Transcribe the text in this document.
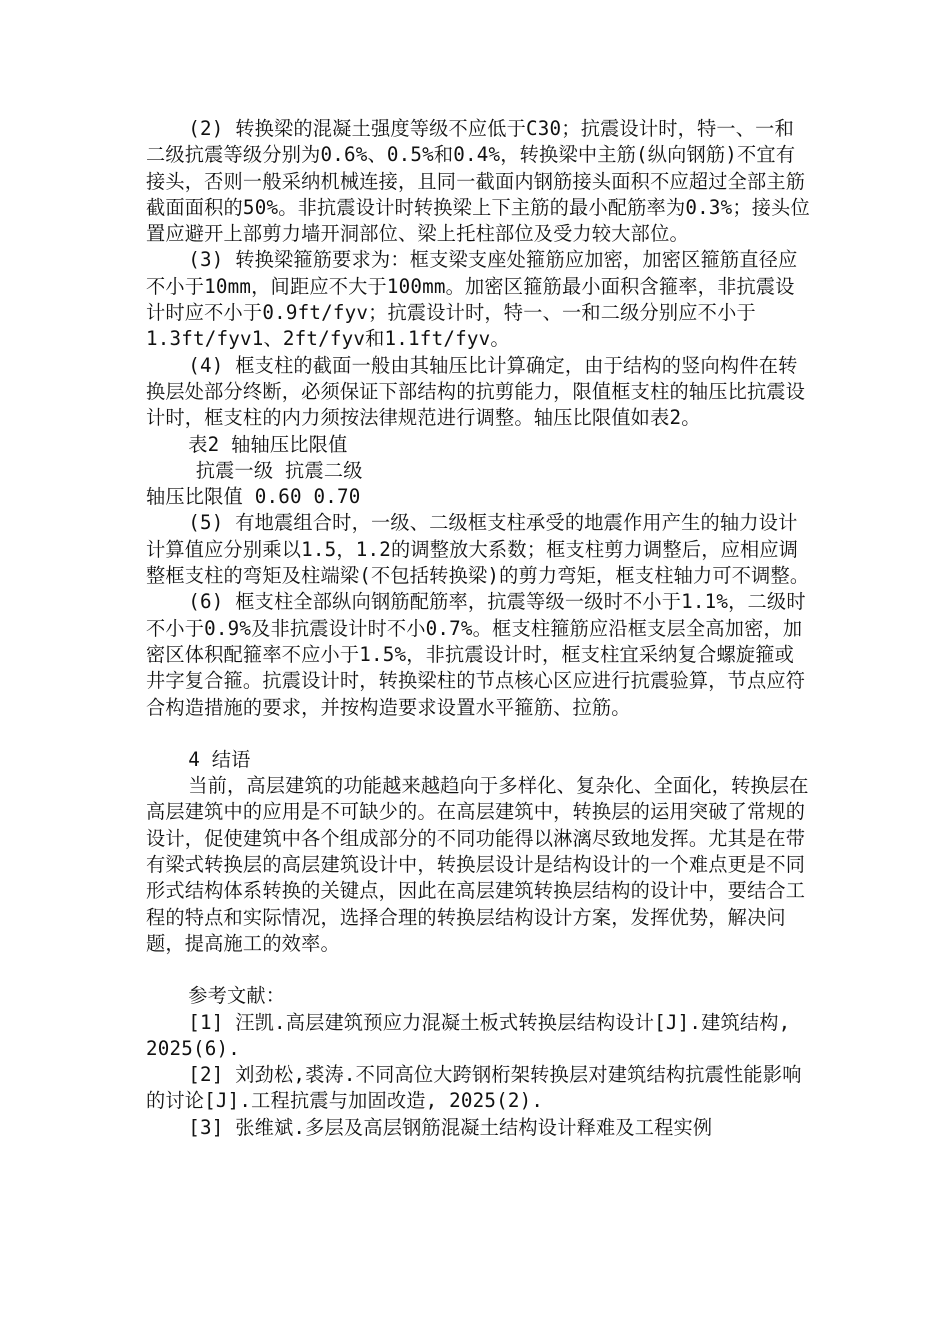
(2) 转换梁的混凝土强度等级不应低于C30；抗震设计时，特一、一和二级抗震等级分别为0.6%、0.5%和0.4%，转换梁中主筋(纵向钢筋)不宜有接头，否则一般采纳机械连接，且同一截面内钢筋接头面积不应超过全部主筋截面面积的50%。非抗震设计时转换梁上下主筋的最小配筋率为0.3%；接头位置应避开上部剪力墙开洞部位、梁上托柱部位及受力较大部位。

(3) 转换梁箍筋要求为：框支梁支座处箍筋应加密，加密区箍筋直径应不小于10mm，间距应不大于100mm。加密区箍筋最小面积含箍率，非抗震设计时应不小于0.9ft/fyv；抗震设计时，特一、一和二级分别应不小于1.3ft/fyv1、2ft/fyv和1.1ft/fyv。

(4) 框支柱的截面一般由其轴压比计算确定，由于结构的竖向构件在转换层处部分终断，必须保证下部结构的抗剪能力，限值框支柱的轴压比抗震设计时，框支柱的内力须按法律规范进行调整。轴压比限值如表2。

表2 轴轴压比限值

抗震一级 抗震二级

轴压比限值 0.60 0.70

(5) 有地震组合时，一级、二级框支柱承受的地震作用产生的轴力设计计算值应分别乘以1.5，1.2的调整放大系数；框支柱剪力调整后，应相应调整框支柱的弯矩及柱端梁(不包括转换梁)的剪力弯矩，框支柱轴力可不调整。

(6) 框支柱全部纵向钢筋配筋率，抗震等级一级时不小于1.1%，二级时不小于0.9%及非抗震设计时不小0.7%。框支柱箍筋应沿框支层全高加密，加密区体积配箍率不应小于1.5%，非抗震设计时，框支柱宜采纳复合螺旋箍或井字复合箍。抗震设计时，转换梁柱的节点核心区应进行抗震验算，节点应符合构造措施的要求，并按构造要求设置水平箍筋、拉筋。

4 结语

当前，高层建筑的功能越来越趋向于多样化、复杂化、全面化，转换层在高层建筑中的应用是不可缺少的。在高层建筑中，转换层的运用突破了常规的设计，促使建筑中各个组成部分的不同功能得以淋漓尽致地发挥。尤其是在带有梁式转换层的高层建筑设计中，转换层设计是结构设计的一个难点更是不同形式结构体系转换的关键点，因此在高层建筑转换层结构的设计中，要结合工程的特点和实际情况，选择合理的转换层结构设计方案，发挥优势，解决问题，提高施工的效率。

参考文献：

[1] 汪凯.高层建筑预应力混凝土板式转换层结构设计[J].建筑结构, 2025(6).

[2] 刘劲松,裘涛.不同高位大跨钢桁架转换层对建筑结构抗震性能影响的讨论[J].工程抗震与加固改造, 2025(2).

[3] 张维斌.多层及高层钢筋混凝土结构设计释难及工程实例
